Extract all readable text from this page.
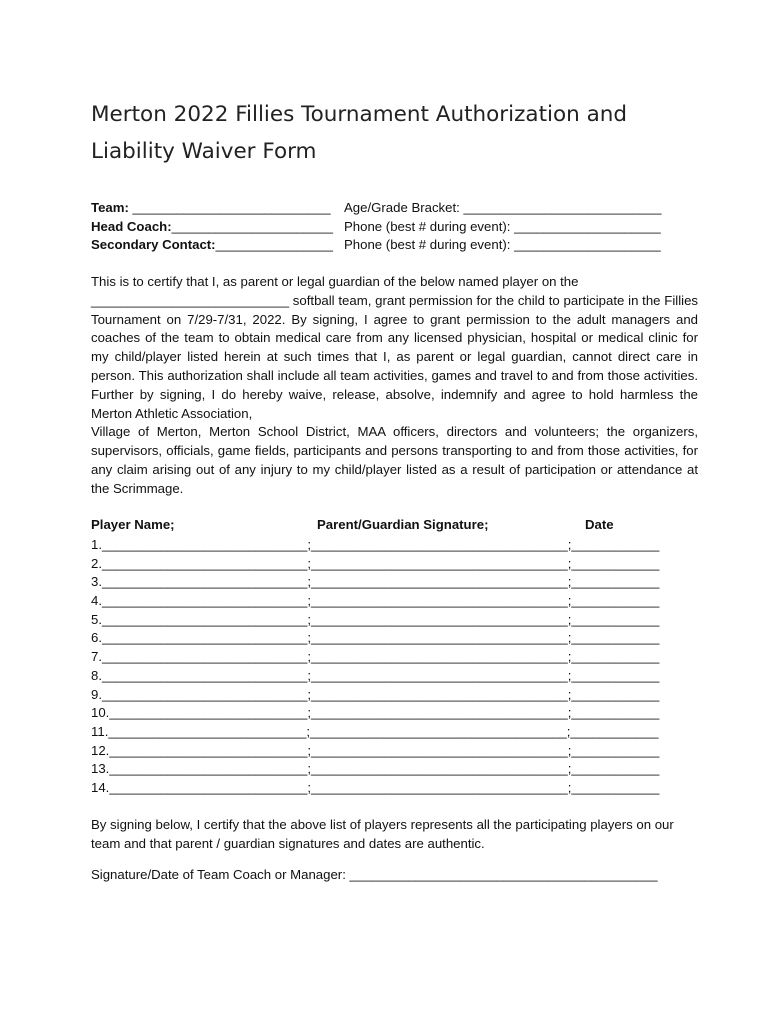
Merton 2022 Fillies Tournament Authorization and
Liability Waiver Form
Team: ___________________________	Age/Grade Bracket: ___________________________
Head Coach:______________________ Phone (best # during event): ____________________
Secondary Contact:________________ Phone (best # during event): ____________________
This is to certify that I, as parent or legal guardian of the below named player on the

___________________________ softball team, grant permission for the child to participate in the Fillies Tournament on 7/29-7/31, 2022. By signing, I agree to grant permission to the adult managers and coaches of the team to obtain medical care from any licensed physician, hospital or medical clinic for my child/player listed herein at such times that I, as parent or legal guardian, cannot direct care in person. This authorization shall include all team activities, games and travel to and from those activities. Further by signing, I do hereby waive, release, absolve, indemnify and agree to hold harmless the Merton Athletic Association,

Village of Merton, Merton School District, MAA officers, directors and volunteers; the organizers, supervisors, officials, game fields, participants and persons transporting to and from those activities, for any claim arising out of any injury to my child/player listed as a result of participation or attendance at the Scrimmage.

Player Name;	Parent/Guardian Signature;	Date
1.____________________________;___________________________________;____________
2.____________________________;___________________________________;____________
3.____________________________;___________________________________;____________
4.____________________________;___________________________________;____________
5.____________________________;___________________________________;____________
6.____________________________;___________________________________;____________
7.____________________________;___________________________________;____________
8.____________________________;___________________________________;____________
9.____________________________;___________________________________;____________
10.___________________________;___________________________________;____________
11.___________________________;___________________________________;____________
12.___________________________;___________________________________;____________
13.___________________________;___________________________________;____________
14.___________________________;___________________________________;____________

By signing below, I certify that the above list of players represents all the participating players on our team and that parent / guardian signatures and dates are authentic.

Signature/Date of Team Coach or Manager: __________________________________________
